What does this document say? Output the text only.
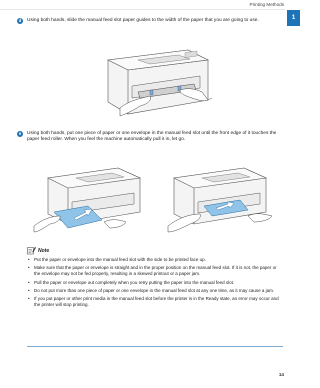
Printing Methods
1
d	Using both hands, slide the manual feed slot paper guides to the width of the paper that you are going to use.
e	Using both hands, put one piece of paper or one envelope in the manual feed slot until the front edge of it touches the paper feed roller. When you feel the machine automatically pull it in, let go.
Note
• Put the paper or envelope into the manual feed slot with the side to be printed face up.
• Make sure that the paper or envelope is straight and in the proper position on the manual feed slot. If it is not, the paper or the envelope may not be fed properly, resulting in a skewed printout or a paper jam.
• Pull the paper or envelope out completely when you retry putting the paper into the manual feed slot.
• Do not put more than one piece of paper or one envelope in the manual feed slot at any one time, as it may cause a jam.
• If you put paper or other print media in the manual feed slot before the printer is in the Ready state, an error may occur and the printer will stop printing.
14
